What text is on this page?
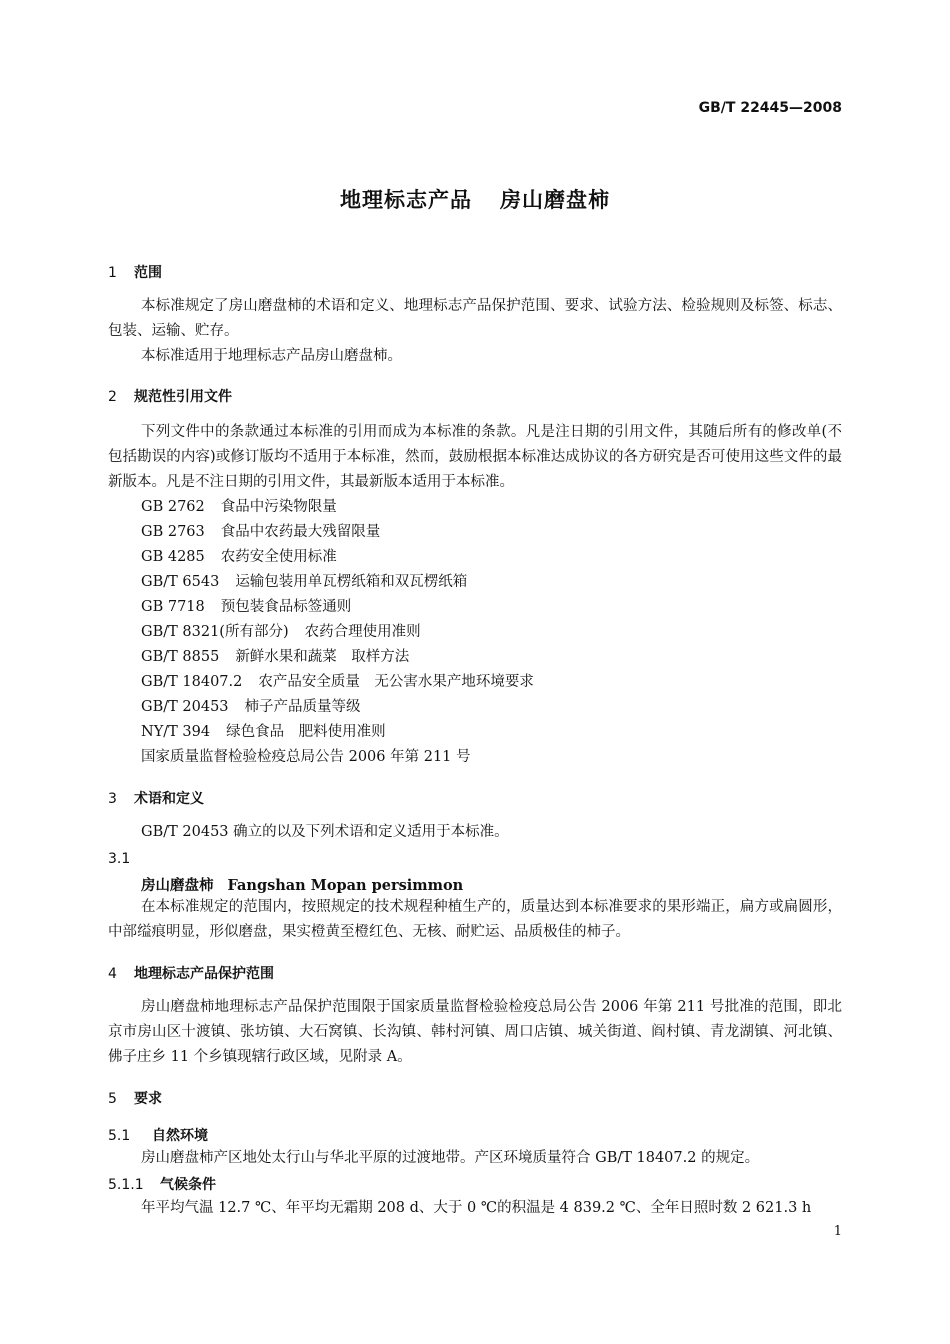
GB/T 22445—2008
地理标志产品 房山磨盘柿
1 范围
本标准规定了房山磨盘柿的术语和定义、地理标志产品保护范围、要求、试验方法、检验规则及标签、标志、包装、运输、贮存。
本标准适用于地理标志产品房山磨盘柿。
2 规范性引用文件
下列文件中的条款通过本标准的引用而成为本标准的条款。凡是注日期的引用文件，其随后所有的修改单(不包括勘误的内容)或修订版均不适用于本标准，然而，鼓励根据本标准达成协议的各方研究是否可使用这些文件的最新版本。凡是不注日期的引用文件，其最新版本适用于本标准。
GB 2762 食品中污染物限量
GB 2763 食品中农药最大残留限量
GB 4285 农药安全使用标准
GB/T 6543 运输包装用单瓦楞纸箱和双瓦楞纸箱
GB 7718 预包装食品标签通则
GB/T 8321(所有部分) 农药合理使用准则
GB/T 8855 新鲜水果和蔬菜　取样方法
GB/T 18407.2 农产品安全质量　无公害水果产地环境要求
GB/T 20453 柿子产品质量等级
NY/T 394 绿色食品　肥料使用准则
国家质量监督检验检疫总局公告 2006 年第 211 号
3 术语和定义
GB/T 20453 确立的以及下列术语和定义适用于本标准。
3.1
房山磨盘柿 Fangshan Mopan persimmon
在本标准规定的范围内，按照规定的技术规程种植生产的，质量达到本标准要求的果形端正，扁方或扁圆形，中部缢痕明显，形似磨盘，果实橙黄至橙红色、无核、耐贮运、品质极佳的柿子。
4 地理标志产品保护范围
房山磨盘柿地理标志产品保护范围限于国家质量监督检验检疫总局公告 2006 年第 211 号批准的范围，即北京市房山区十渡镇、张坊镇、大石窝镇、长沟镇、韩村河镇、周口店镇、城关街道、阎村镇、青龙湖镇、河北镇、佛子庄乡 11 个乡镇现辖行政区域，见附录 A。
5 要求
5.1 自然环境
房山磨盘柿产区地处太行山与华北平原的过渡地带。产区环境质量符合 GB/T 18407.2 的规定。
5.1.1 气候条件
年平均气温 12.7 ℃、年平均无霜期 208 d、大于 0 ℃的积温是 4 839.2 ℃、全年日照时数 2 621.3 h
1
